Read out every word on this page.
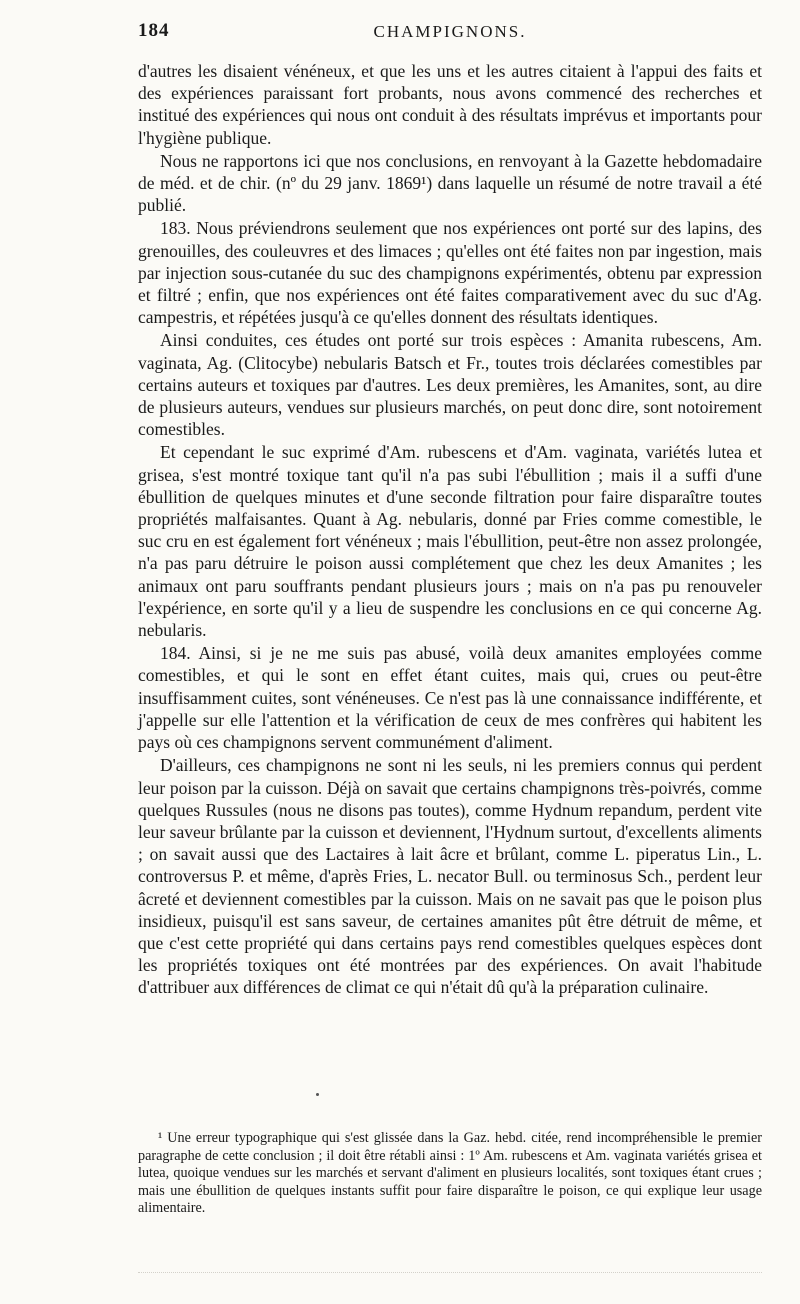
184	CHAMPIGNONS.

d'autres les disaient vénéneux, et que les uns et les autres citaient à l'appui des faits et des expériences paraissant fort probants, nous avons commencé des recherches et institué des expériences qui nous ont conduit à des résultats imprévus et importants pour l'hygiène publique.

Nous ne rapportons ici que nos conclusions, en renvoyant à la Gazette hebdomadaire de méd. et de chir. (nº du 29 janv. 1869¹) dans laquelle un résumé de notre travail a été publié.

183. Nous préviendrons seulement que nos expériences ont porté sur des lapins, des grenouilles, des couleuvres et des limaces ; qu'elles ont été faites non par ingestion, mais par injection sous-cutanée du suc des champignons expérimentés, obtenu par expression et filtré ; enfin, que nos expériences ont été faites comparativement avec du suc d'Ag. campestris, et répétées jusqu'à ce qu'elles donnent des résultats identiques.

Ainsi conduites, ces études ont porté sur trois espèces : Amanita rubescens, Am. vaginata, Ag. (Clitocybe) nebularis Batsch et Fr., toutes trois déclarées comestibles par certains auteurs et toxiques par d'autres. Les deux premières, les Amanites, sont, au dire de plusieurs auteurs, vendues sur plusieurs marchés, on peut donc dire, sont notoirement comestibles.

Et cependant le suc exprimé d'Am. rubescens et d'Am. vaginata, variétés lutea et grisea, s'est montré toxique tant qu'il n'a pas subi l'ébullition ; mais il a suffi d'une ébullition de quelques minutes et d'une seconde filtration pour faire disparaître toutes propriétés malfaisantes. Quant à Ag. nebularis, donné par Fries comme comestible, le suc cru en est également fort vénéneux ; mais l'ébullition, peut-être non assez prolongée, n'a pas paru détruire le poison aussi complétement que chez les deux Amanites ; les animaux ont paru souffrants pendant plusieurs jours ; mais on n'a pas pu renouveler l'expérience, en sorte qu'il y a lieu de suspendre les conclusions en ce qui concerne Ag. nebularis.

184. Ainsi, si je ne me suis pas abusé, voilà deux amanites employées comme comestibles, et qui le sont en effet étant cuites, mais qui, crues ou peut-être insuffisamment cuites, sont vénéneuses. Ce n'est pas là une connaissance indifférente, et j'appelle sur elle l'attention et la vérification de ceux de mes confrères qui habitent les pays où ces champignons servent communément d'aliment.

D'ailleurs, ces champignons ne sont ni les seuls, ni les premiers connus qui perdent leur poison par la cuisson. Déjà on savait que certains champignons très-poivrés, comme quelques Russules (nous ne disons pas toutes), comme Hydnum repandum, perdent vite leur saveur brûlante par la cuisson et deviennent, l'Hydnum surtout, d'excellents aliments ; on savait aussi que des Lactaires à lait âcre et brûlant, comme L. piperatus Lin., L. controversus P. et même, d'après Fries, L. necator Bull. ou terminosus Sch., perdent leur âcreté et deviennent comestibles par la cuisson. Mais on ne savait pas que le poison plus insidieux, puisqu'il est sans saveur, de certaines amanites pût être détruit de même, et que c'est cette propriété qui dans certains pays rend comestibles quelques espèces dont les propriétés toxiques ont été montrées par des expériences. On avait l'habitude d'attribuer aux différences de climat ce qui n'était dû qu'à la préparation culinaire.

¹ Une erreur typographique qui s'est glissée dans la Gaz. hebd. citée, rend incompréhensible le premier paragraphe de cette conclusion ; il doit être rétabli ainsi : 1º Am. rubescens et Am. vaginata variétés grisea et lutea, quoique vendues sur les marchés et servant d'aliment en plusieurs localités, sont toxiques étant crues ; mais une ébullition de quelques instants suffit pour faire disparaître le poison, ce qui explique leur usage alimentaire.
